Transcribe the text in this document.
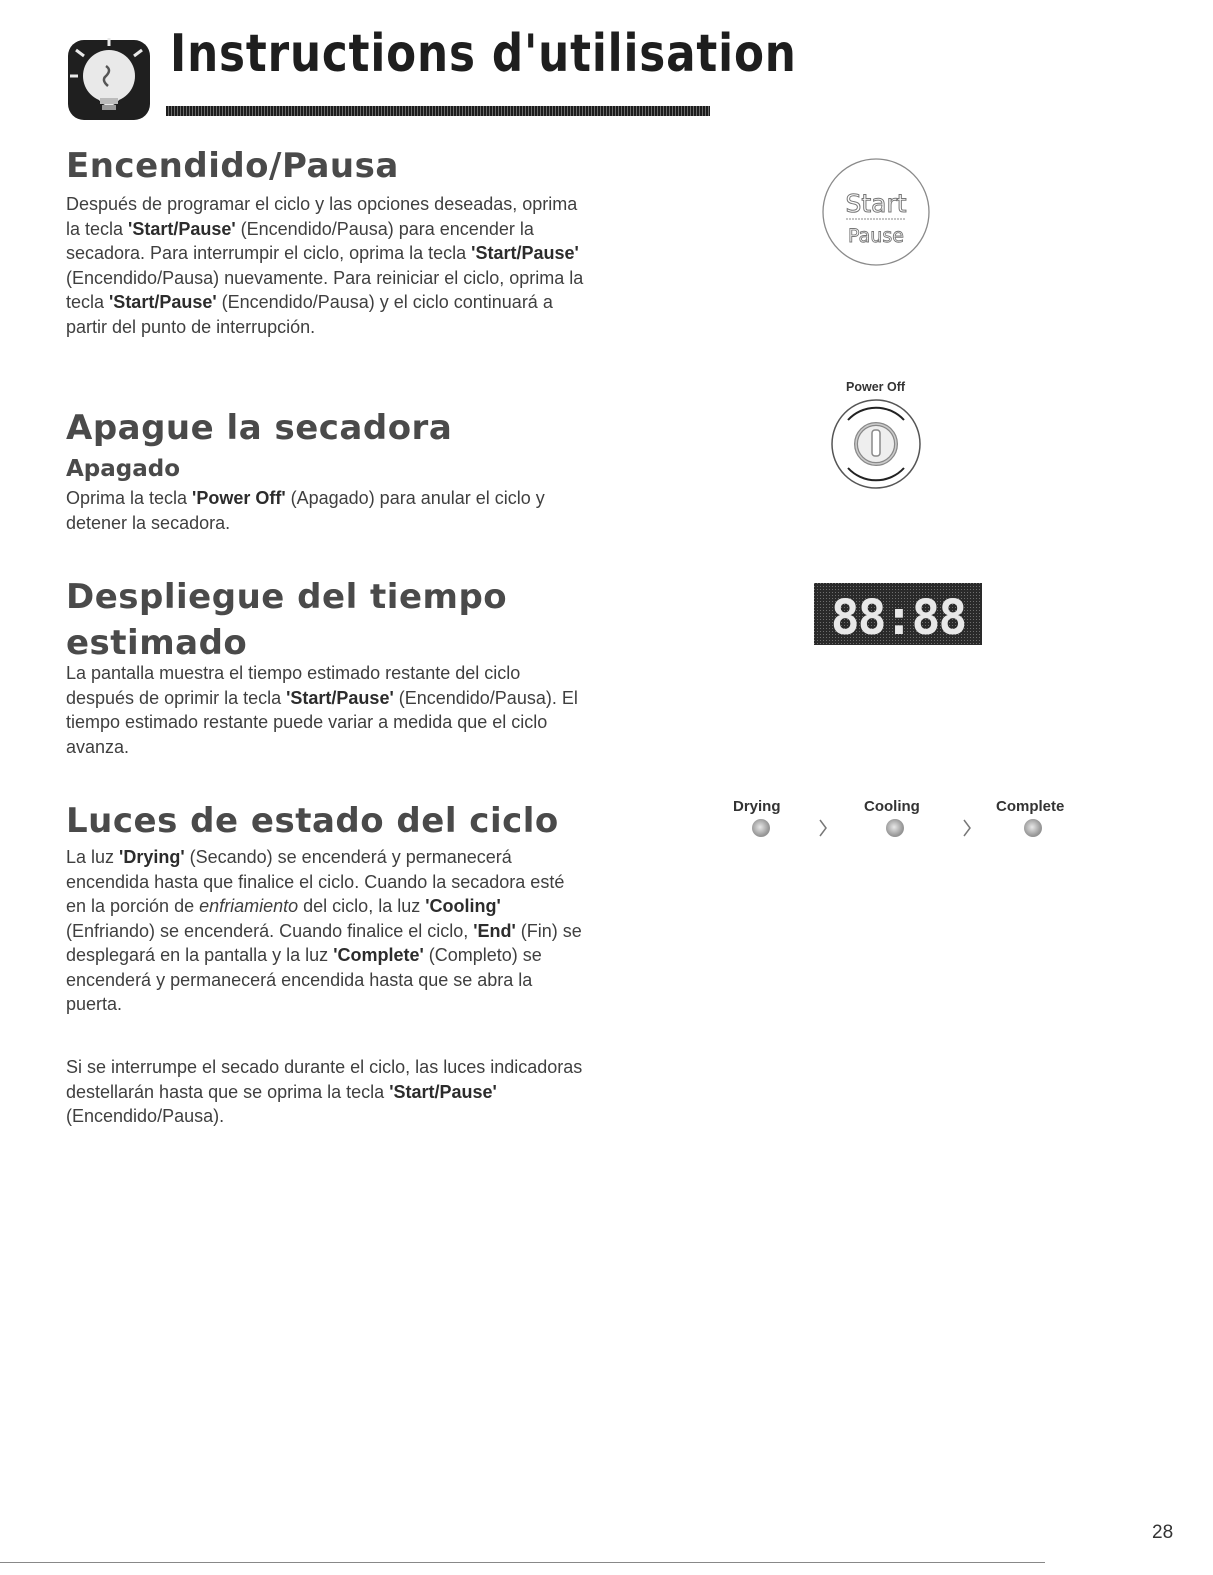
Instructions d'utilisation
Encendido/Pausa

Después de programar el ciclo y las opciones deseadas, oprima la tecla 'Start/Pause' (Encendido/Pausa) para encender la secadora. Para interrumpir el ciclo, oprima la tecla 'Start/Pause' (Encendido/Pausa) nuevamente. Para reiniciar el ciclo, oprima la tecla 'Start/Pause' (Encendido/Pausa) y el ciclo continuará a partir del punto de interrupción.

Apague la secadora
Apagado

Oprima la tecla 'Power Off' (Apagado) para anular el ciclo y detener la secadora.

Despliegue del tiempo estimado

La pantalla muestra el tiempo estimado restante del ciclo después de oprimir la tecla 'Start/Pause' (Encendido/Pausa). El tiempo estimado restante puede variar a medida que el ciclo avanza.

Luces de estado del ciclo

La luz 'Drying' (Secando) se encenderá y permanecerá encendida hasta que finalice el ciclo. Cuando la secadora esté en la porción de enfriamiento del ciclo, la luz 'Cooling' (Enfriando) se encenderá. Cuando finalice el ciclo, 'End' (Fin) se desplegará en la pantalla y la luz 'Complete' (Completo) se encenderá y permanecerá encendida hasta que se abra la puerta.

Si se interrumpe el secado durante el ciclo, las luces indicadoras destellarán hasta que se oprima la tecla 'Start/Pause' (Encendido/Pausa).

Start
Pause
Power Off
88:88
Drying	Cooling	Complete
28
